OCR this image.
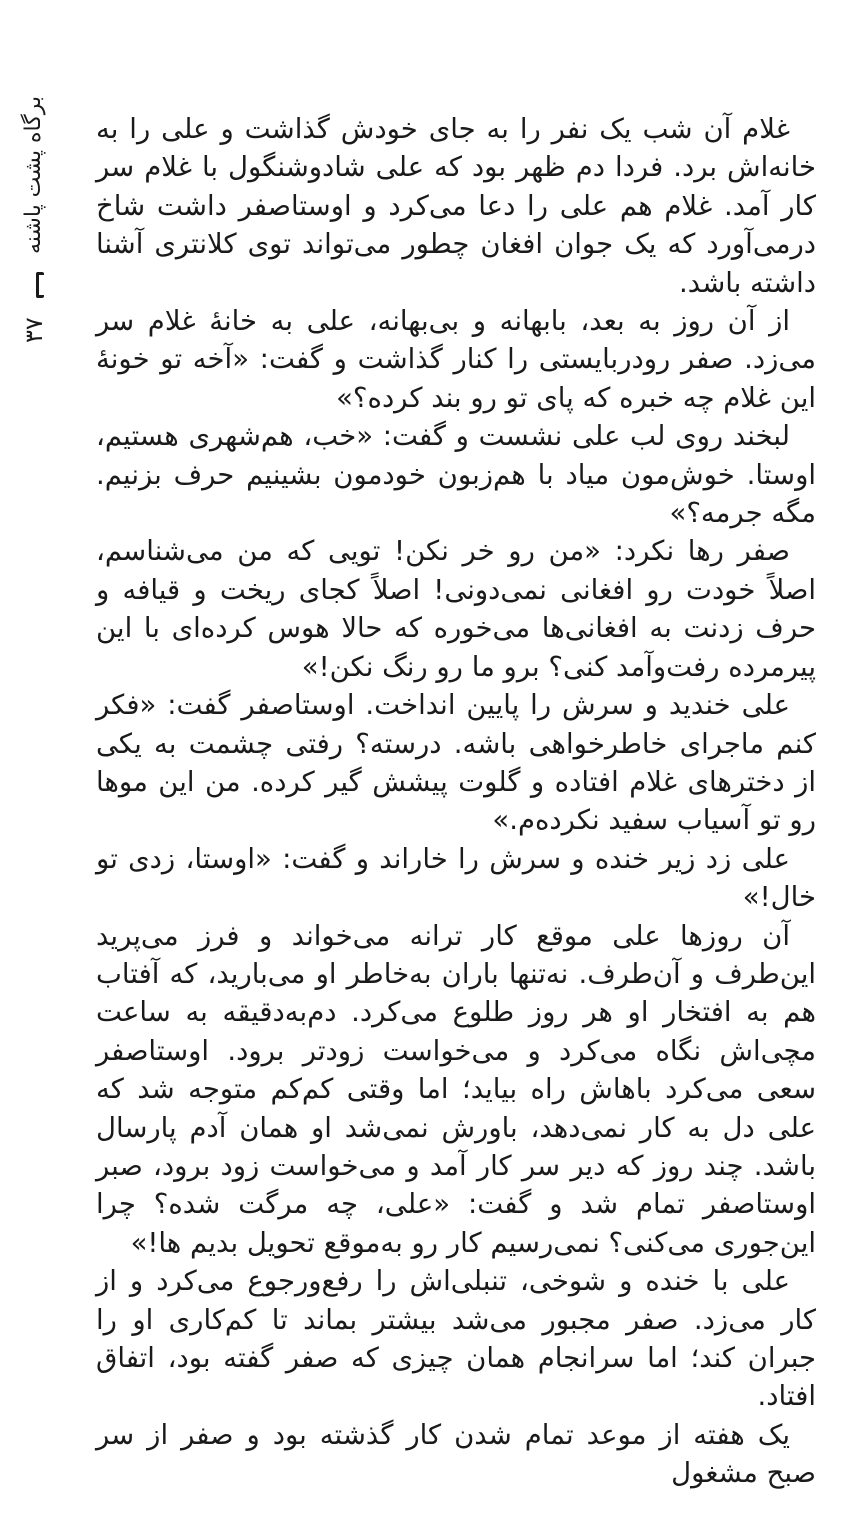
برگاه پشت پاشنه
۳۷

غلام آن شب یک نفر را به جای خودش گذاشت و علی را به خانه‌اش برد. فردا دم ظهر بود که علی شادوشنگول با غلام سر کار آمد. غلام هم علی را دعا می‌کرد و اوستاصفر داشت شاخ درمی‌آورد که یک جوان افغان چطور می‌تواند توی کلانتری آشنا داشته باشد.

از آن روز به بعد، بابهانه و بی‌بهانه، علی به خانهٔ غلام سر می‌زد. صفر رودربایستی را کنار گذاشت و گفت: «آخه تو خونهٔ این غلام چه خبره که پای تو رو بند کرده؟»

لبخند روی لب علی نشست و گفت: «خب، هم‌شهری هستیم، اوستا. خوش‌مون میاد با هم‌زبون خودمون بشینیم حرف بزنیم. مگه جرمه؟»

صفر رها نکرد: «من رو خر نکن! تویی که من می‌شناسم، اصلاً خودت رو افغانی نمی‌دونی! اصلاً کجای ریخت و قیافه و حرف زدنت به افغانی‌ها می‌خوره که حالا هوس کرده‌ای با این پیرمرده رفت‌وآمد کنی؟ برو ما رو رنگ نکن!»

علی خندید و سرش را پایین انداخت. اوستاصفر گفت: «فکر کنم ماجرای خاطرخواهی باشه. درسته؟ رفتی چشمت به یکی از دخترهای غلام افتاده و گلوت پیشش گیر کرده. من این موها رو تو آسیاب سفید نکرده‌م.»

علی زد زیر خنده و سرش را خاراند و گفت: «اوستا، زدی تو خال!»

آن روزها علی موقع کار ترانه می‌خواند و فرز می‌پرید این‌طرف و آن‌طرف. نه‌تنها باران به‌خاطر او می‌بارید، که آفتاب هم به افتخار او هر روز طلوع می‌کرد. دم‌به‌دقیقه به ساعت مچی‌اش نگاه می‌کرد و می‌خواست زودتر برود. اوستاصفر سعی می‌کرد باهاش راه بیاید؛ اما وقتی کم‌کم متوجه شد که علی دل به کار نمی‌دهد، باورش نمی‌شد او همان آدم پارسال باشد. چند روز که دیر سر کار آمد و می‌خواست زود برود، صبر اوستاصفر تمام شد و گفت: «علی، چه مرگت شده؟ چرا این‌جوری می‌کنی؟ نمی‌رسیم کار رو به‌موقع تحویل بدیم ها!»

علی با خنده و شوخی، تنبلی‌اش را رفع‌ورجوع می‌کرد و از کار می‌زد. صفر مجبور می‌شد بیشتر بماند تا کم‌کاری او را جبران کند؛ اما سرانجام همان چیزی که صفر گفته بود، اتفاق افتاد.

یک هفته از موعد تمام شدن کار گذشته بود و صفر از سر صبح مشغول
